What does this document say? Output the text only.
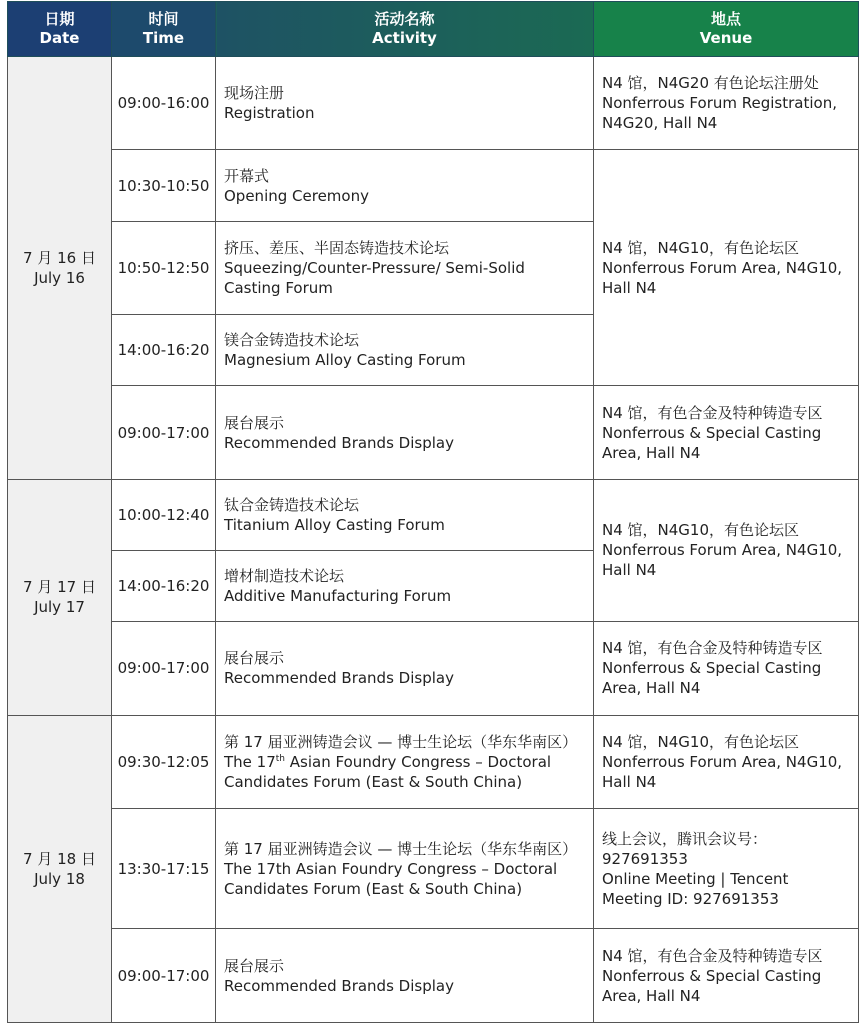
日期
Date	时间
Time	活动名称
Activity	地点
Venue

7 月 16 日
July 16	09:00-16:00	现场注册
Registration	N4 馆，N4G20 有色论坛注册处
Nonferrous Forum Registration, N4G20, Hall N4

	10:30-10:50	开幕式
Opening Ceremony	N4 馆，N4G10，有色论坛区
Nonferrous Forum Area, N4G10, Hall N4

	10:50-12:50	挤压、差压、半固态铸造技术论坛
Squeezing/Counter-Pressure/ Semi-Solid Casting Forum	

	14:00-16:20	镁合金铸造技术论坛
Magnesium Alloy Casting Forum	

	09:00-17:00	展台展示
Recommended Brands Display	N4 馆，有色合金及特种铸造专区
Nonferrous & Special Casting Area, Hall N4

7 月 17 日
July 17	10:00-12:40	钛合金铸造技术论坛
Titanium Alloy Casting Forum	N4 馆，N4G10，有色论坛区
Nonferrous Forum Area, N4G10, Hall N4

	14:00-16:20	增材制造技术论坛
Additive Manufacturing Forum	

	09:00-17:00	展台展示
Recommended Brands Display	N4 馆，有色合金及特种铸造专区
Nonferrous & Special Casting Area, Hall N4

7 月 18 日
July 18	09:30-12:05	第 17 届亚洲铸造会议 — 博士生论坛（华东华南区）
The 17th Asian Foundry Congress – Doctoral Candidates Forum (East & South China)	N4 馆，N4G10，有色论坛区
Nonferrous Forum Area, N4G10, Hall N4

	13:30-17:15	第 17 届亚洲铸造会议 — 博士生论坛（华东华南区）
The 17th Asian Foundry Congress – Doctoral Candidates Forum (East & South China)	线上会议，腾讯会议号：
927691353
Online Meeting | Tencent Meeting ID: 927691353

	09:00-17:00	展台展示
Recommended Brands Display	N4 馆，有色合金及特种铸造专区
Nonferrous & Special Casting Area, Hall N4
